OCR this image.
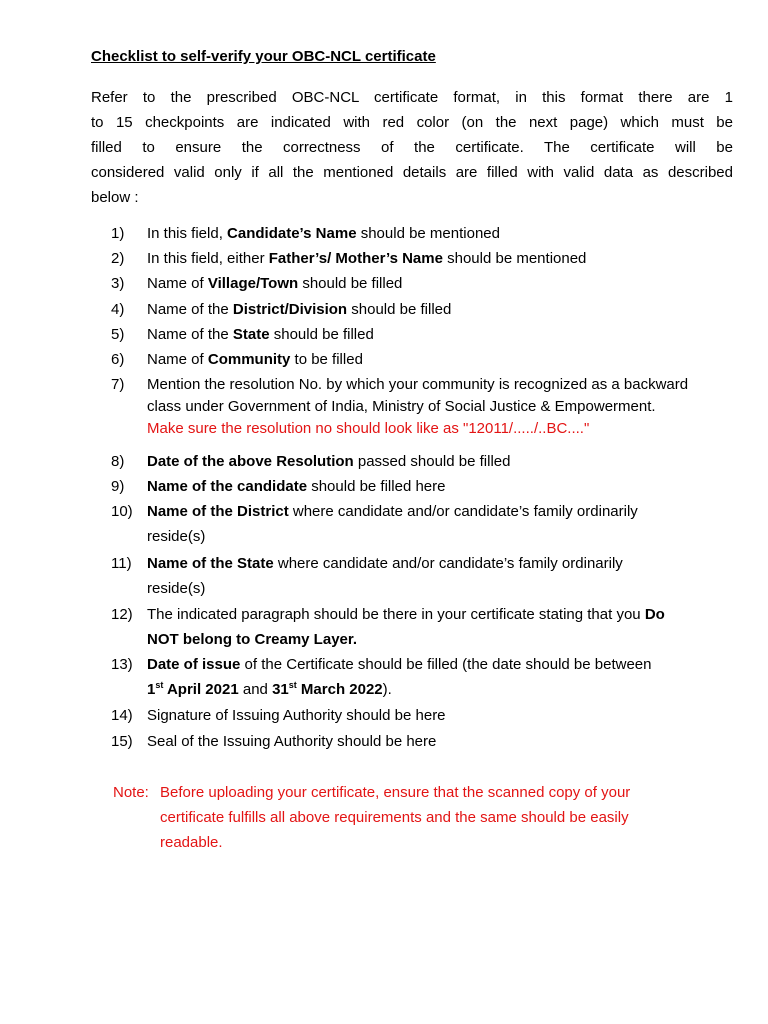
Checklist to self-verify your OBC-NCL certificate

Refer to the prescribed OBC-NCL certificate format, in this format there are 1
to 15 checkpoints are indicated with red color (on the next page) which must be
filled to ensure the correctness of the certificate. The certificate will be
considered valid only if all the mentioned details are filled with valid data as described
below :

1)	In this field, Candidate’s Name should be mentioned
2)	In this field, either Father’s/ Mother’s Name should be mentioned
3)	Name of Village/Town should be filled
4)	Name of the District/Division should be filled
5)	Name of the State should be filled
6)	Name of Community to be filled
7)	Mention the resolution No. by which your community is recognized as a backward
class under Government of India, Ministry of Social Justice & Empowerment.
Make sure the resolution no should look like as "12011/...../..BC...."
8)	Date of the above Resolution passed should be filled
9)	Name of the candidate should be filled here
10) Name of the District where candidate and/or candidate’s family ordinarily
reside(s)
11)	Name of the State where candidate and/or candidate’s family ordinarily
reside(s)
12) The indicated paragraph should be there in your certificate stating that you Do
NOT belong to Creamy Layer.
13) Date of issue of the Certificate should be filled (the date should be between
1st April 2021 and 31st March 2022).
14) Signature of Issuing Authority should be here
15) Seal of the Issuing Authority should be here
Note: Before uploading your certificate, ensure that the scanned copy of your
certificate fulfills all above requirements and the same should be easily
readable.
